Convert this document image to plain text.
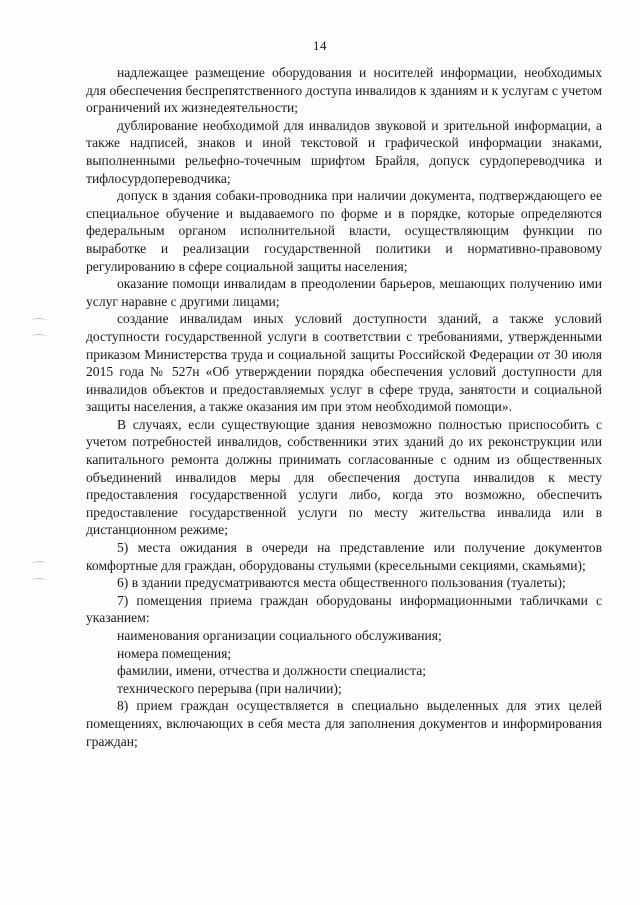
14

надлежащее размещение оборудования и носителей информации, необходимых для обеспечения беспрепятственного доступа инвалидов к зданиям и к услугам с учетом ограничений их жизнедеятельности;

дублирование необходимой для инвалидов звуковой и зрительной информации, а также надписей, знаков и иной текстовой и графической информации знаками, выполненными рельефно-точечным шрифтом Брайля, допуск сурдопереводчика и тифлосурдопереводчика;

допуск в здания собаки-проводника при наличии документа, подтверждающего ее специальное обучение и выдаваемого по форме и в порядке, которые определяются федеральным органом исполнительной власти, осуществляющим функции по выработке и реализации государственной политики и нормативно-правовому регулированию в сфере социальной защиты населения;

оказание помощи инвалидам в преодолении барьеров, мешающих получению ими услуг наравне с другими лицами;

создание инвалидам иных условий доступности зданий, а также условий доступности государственной услуги в соответствии с требованиями, утвержденными приказом Министерства труда и социальной защиты Российской Федерации от 30 июля 2015 года № 527н «Об утверждении порядка обеспечения условий доступности для инвалидов объектов и предоставляемых услуг в сфере труда, занятости и социальной защиты населения, а также оказания им при этом необходимой помощи».

В случаях, если существующие здания невозможно полностью приспособить с учетом потребностей инвалидов, собственники этих зданий до их реконструкции или капитального ремонта должны принимать согласованные с одним из общественных объединений инвалидов меры для обеспечения доступа инвалидов к месту предоставления государственной услуги либо, когда это возможно, обеспечить предоставление государственной услуги по месту жительства инвалида или в дистанционном режиме;

5) места ожидания в очереди на представление или получение документов комфортные для граждан, оборудованы стульями (кресельными секциями, скамьями);

6) в здании предусматриваются места общественного пользования (туалеты);

7) помещения приема граждан оборудованы информационными табличками с указанием:

наименования организации социального обслуживания;

номера помещения;

фамилии, имени, отчества и должности специалиста;

технического перерыва (при наличии);

8) прием граждан осуществляется в специально выделенных для этих целей помещениях, включающих в себя места для заполнения документов и информирования граждан;
